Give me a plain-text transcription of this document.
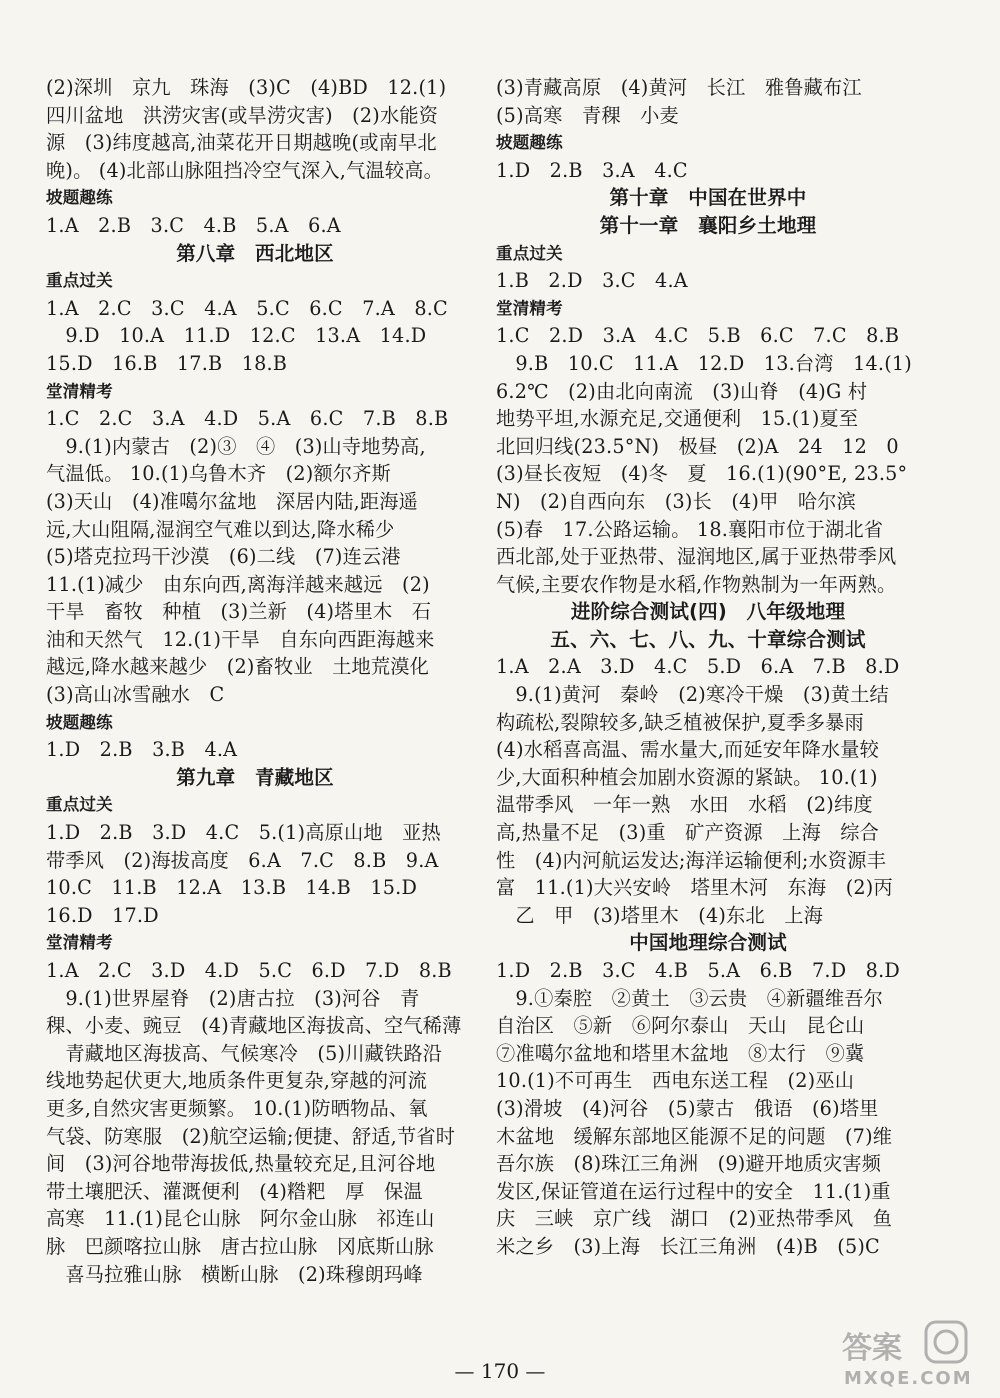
(2)深圳　京九　珠海　(3)C　(4)BD　12.(1)
四川盆地　洪涝灾害(或旱涝灾害)　(2)水能资
源　(3)纬度越高,油菜花开日期越晚(或南早北
晚)。 (4)北部山脉阻挡冷空气深入,气温较高。
坡题趣练
1.A　2.B　3.C　4.B　5.A　6.A
第八章　西北地区
重点过关
1.A　2.C　3.C　4.A　5.C　6.C　7.A　8.C
　9.D　10.A　11.D　12.C　13.A　14.D
15.D　16.B　17.B　18.B
堂清精考
1.C　2.C　3.A　4.D　5.A　6.C　7.B　8.B
　9.(1)内蒙古　(2)③　④　(3)山寺地势高,
气温低。 10.(1)乌鲁木齐　(2)额尔齐斯
(3)天山　(4)准噶尔盆地　深居内陆,距海遥
远,大山阻隔,湿润空气难以到达,降水稀少
(5)塔克拉玛干沙漠　(6)二线　(7)连云港
11.(1)减少　由东向西,离海洋越来越远　(2)
干旱　畜牧　种植　(3)兰新　(4)塔里木　石
油和天然气　12.(1)干旱　自东向西距海越来
越远,降水越来越少　(2)畜牧业　土地荒漠化
(3)高山冰雪融水　C
坡题趣练
1.D　2.B　3.B　4.A
第九章　青藏地区
重点过关
1.D　2.B　3.D　4.C　5.(1)高原山地　亚热
带季风　(2)海拔高度　6.A　7.C　8.B　9.A
10.C　11.B　12.A　13.B　14.B　15.D
16.D　17.D
堂清精考
1.A　2.C　3.D　4.D　5.C　6.D　7.D　8.B
　9.(1)世界屋脊　(2)唐古拉　(3)河谷　青
稞、小麦、豌豆　(4)青藏地区海拔高、空气稀薄
　青藏地区海拔高、气候寒冷　(5)川藏铁路沿
线地势起伏更大,地质条件更复杂,穿越的河流
更多,自然灾害更频繁。 10.(1)防晒物品、氧
气袋、防寒服　(2)航空运输;便捷、舒适,节省时
间　(3)河谷地带海拔低,热量较充足,且河谷地
带土壤肥沃、灌溉便利　(4)糌粑　厚　保温
高寒　11.(1)昆仑山脉　阿尔金山脉　祁连山
脉　巴颜喀拉山脉　唐古拉山脉　冈底斯山脉
　喜马拉雅山脉　横断山脉　(2)珠穆朗玛峰
(3)青藏高原　(4)黄河　长江　雅鲁藏布江
(5)高寒　青稞　小麦
坡题趣练
1.D　2.B　3.A　4.C
第十章　中国在世界中
第十一章　襄阳乡土地理
重点过关
1.B　2.D　3.C　4.A
堂清精考
1.C　2.D　3.A　4.C　5.B　6.C　7.C　8.B
　9.B　10.C　11.A　12.D　13.台湾　14.(1)
6.2℃　(2)由北向南流　(3)山脊　(4)G 村
地势平坦,水源充足,交通便利　15.(1)夏至
北回归线(23.5°N)　极昼　(2)A　24　12　0
(3)昼长夜短　(4)冬　夏　16.(1)(90°E, 23.5°
N)　(2)自西向东　(3)长　(4)甲　哈尔滨
(5)春　17.公路运输。 18.襄阳市位于湖北省
西北部,处于亚热带、湿润地区,属于亚热带季风
气候,主要农作物是水稻,作物熟制为一年两熟。
进阶综合测试(四)　八年级地理
五、六、七、八、九、十章综合测试
1.A　2.A　3.D　4.C　5.D　6.A　7.B　8.D
　9.(1)黄河　秦岭　(2)寒冷干燥　(3)黄土结
构疏松,裂隙较多,缺乏植被保护,夏季多暴雨
(4)水稻喜高温、需水量大,而延安年降水量较
少,大面积种植会加剧水资源的紧缺。 10.(1)
温带季风　一年一熟　水田　水稻　(2)纬度
高,热量不足　(3)重　矿产资源　上海　综合
性　(4)内河航运发达;海洋运输便利;水资源丰
富　11.(1)大兴安岭　塔里木河　东海　(2)丙
　乙　甲　(3)塔里木　(4)东北　上海
中国地理综合测试
1.D　2.B　3.C　4.B　5.A　6.B　7.D　8.D
　9.①秦腔　②黄土　③云贵　④新疆维吾尔
自治区　⑤新　⑥阿尔泰山　天山　昆仑山
⑦准噶尔盆地和塔里木盆地　⑧太行　⑨冀
10.(1)不可再生　西电东送工程　(2)巫山
(3)滑坡　(4)河谷　(5)蒙古　俄语　(6)塔里
木盆地　缓解东部地区能源不足的问题　(7)维
吾尔族　(8)珠江三角洲　(9)避开地质灾害频
发区,保证管道在运行过程中的安全　11.(1)重
庆　三峡　京广线　湖口　(2)亚热带季风　鱼
米之乡　(3)上海　长江三角洲　(4)B　(5)C
— 170 —
答案
MXQE.COM
